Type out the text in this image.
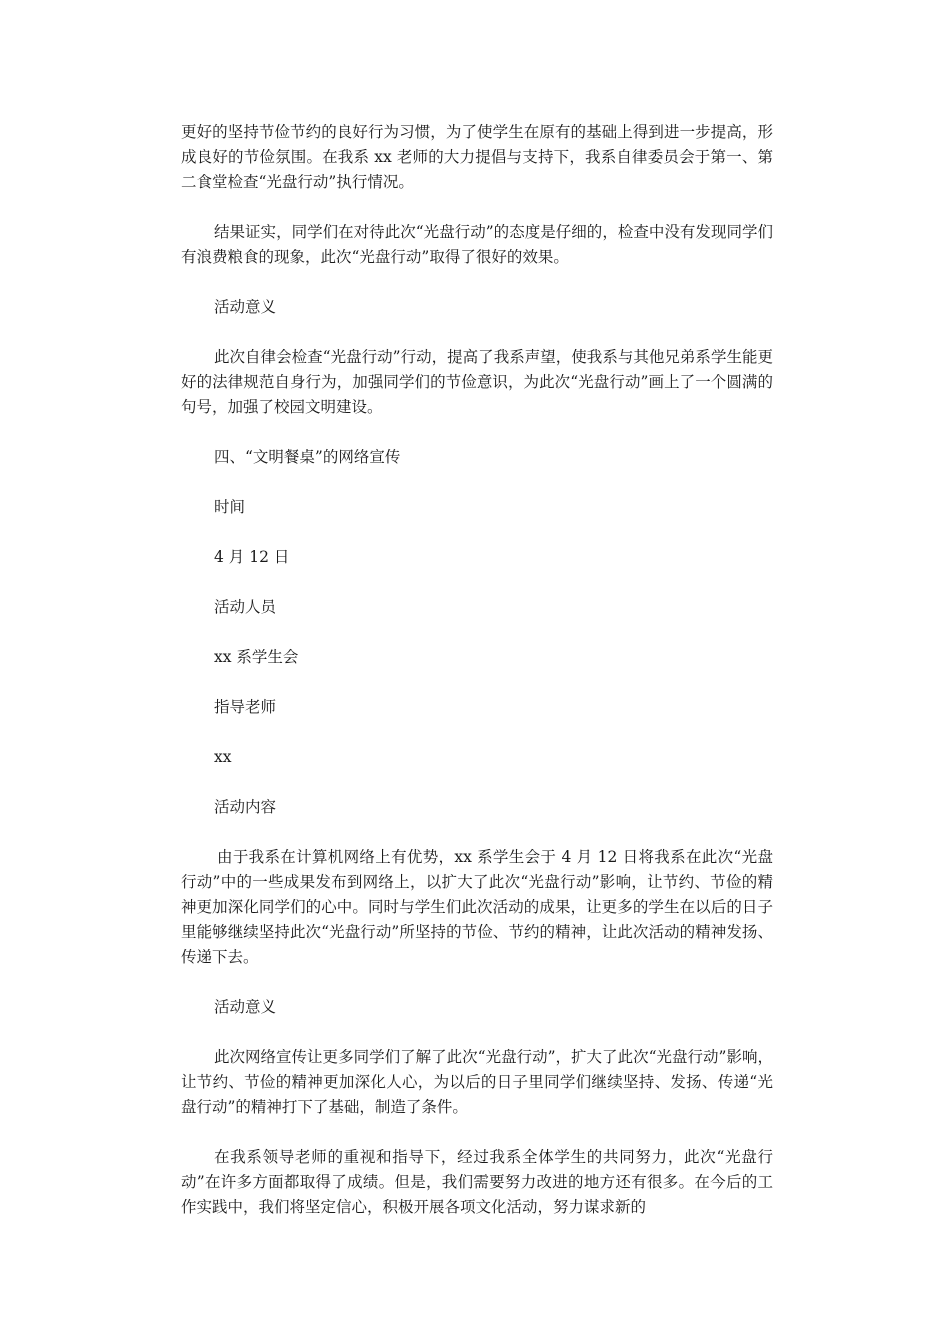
更好的坚持节俭节约的良好行为习惯，为了使学生在原有的基础上得到进一步提高，形成良好的节俭氛围。在我系 xx 老师的大力提倡与支持下，我系自律委员会于第一、第二食堂检查“光盘行动”执行情况。

结果证实，同学们在对待此次“光盘行动”的态度是仔细的，检查中没有发现同学们有浪费粮食的现象，此次“光盘行动”取得了很好的效果。

活动意义

此次自律会检查“光盘行动”行动，提高了我系声望，使我系与其他兄弟系学生能更好的法律规范自身行为，加强同学们的节俭意识，为此次“光盘行动”画上了一个圆满的句号，加强了校园文明建设。

四、“文明餐桌”的网络宣传

时间

4 月 12 日

活动人员

xx 系学生会

指导老师

xx

活动内容

由于我系在计算机网络上有优势，xx 系学生会于 4 月 12 日将我系在此次“光盘行动”中的一些成果发布到网络上，以扩大了此次“光盘行动”影响，让节约、节俭的精神更加深化同学们的心中。同时与学生们此次活动的成果，让更多的学生在以后的日子里能够继续坚持此次“光盘行动”所坚持的节俭、节约的精神，让此次活动的精神发扬、传递下去。

活动意义

此次网络宣传让更多同学们了解了此次“光盘行动”，扩大了此次“光盘行动”影响，让节约、节俭的精神更加深化人心，为以后的日子里同学们继续坚持、发扬、传递“光盘行动”的精神打下了基础，制造了条件。

在我系领导老师的重视和指导下，经过我系全体学生的共同努力，此次“光盘行动”在许多方面都取得了成绩。但是，我们需要努力改进的地方还有很多。在今后的工作实践中，我们将坚定信心，积极开展各项文化活动，努力谋求新的
